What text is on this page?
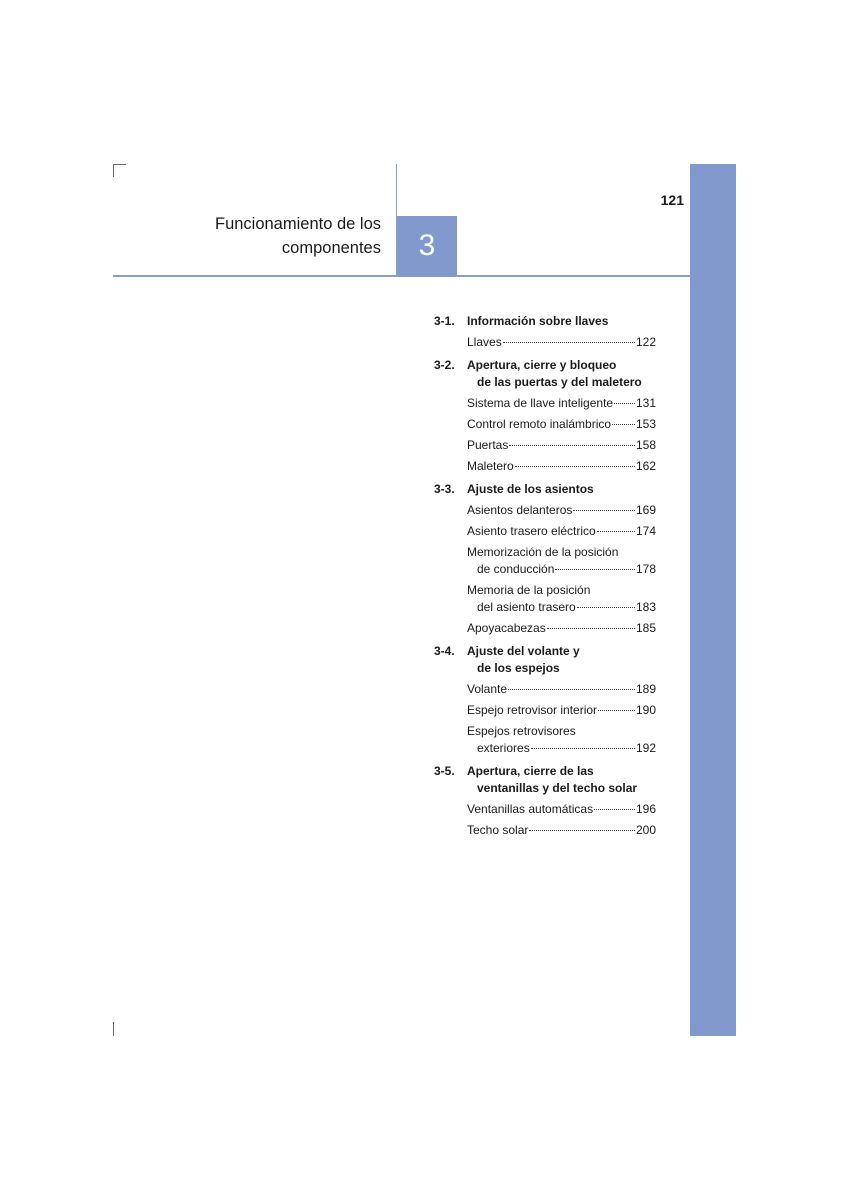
121
Funcionamiento de los
componentes	3
3-1. Información sobre llaves
Llaves	122
3-2. Apertura, cierre y bloqueo
de las puertas y del maletero
Sistema de llave inteligente 131
Control remoto inalámbrico 153
Puertas	158
Maletero	162
3-3. Ajuste de los asientos
Asientos delanteros	169
Asiento trasero eléctrico	174
Memorización de la posición
de conducción	178
Memoria de la posición
del asiento trasero	183
Apoyacabezas	185
3-4. Ajuste del volante y
de los espejos
Volante	189
Espejo retrovisor interior	190
Espejos retrovisores
exteriores	192
3-5. Apertura, cierre de las
ventanillas y del techo solar
Ventanillas automáticas	196
Techo solar	200
